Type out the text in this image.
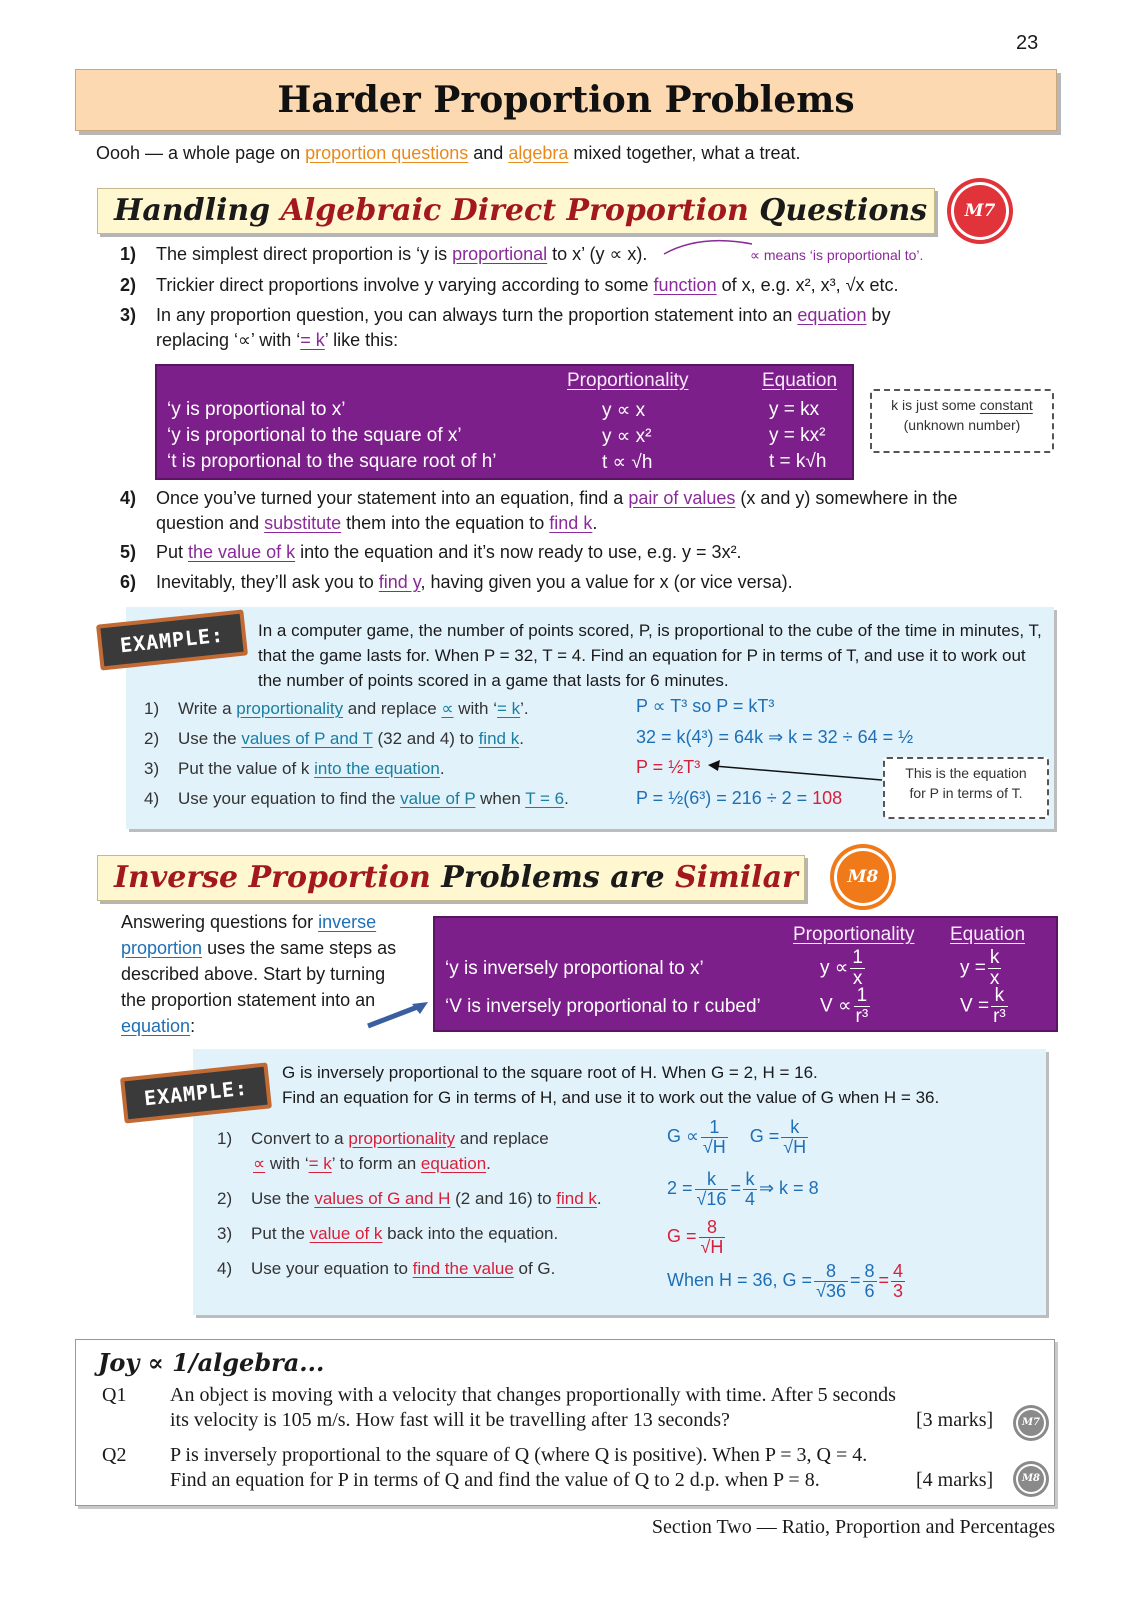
23
Harder Proportion Problems
Oooh — a whole page on proportion questions and algebra mixed together, what a treat.
Handling Algebraic Direct Proportion Questions	M7
1) The simplest direct proportion is ‘y is proportional to x’ (y ∝ x).	∝ means ‘is proportional to’.
2) Trickier direct proportions involve y varying according to some function of x, e.g. x², x³, √x etc.
3) In any proportion question, you can always turn the proportion statement into an equation by
replacing ‘∝’ with ‘= k’ like this:
Proportionality	Equation
‘y is proportional to x’	y ∝ x	y = kx
‘y is proportional to the square of x’	y ∝ x²	y = kx²
‘t is proportional to the square root of h’	t ∝ √h	t = k√h
k is just some constant
(unknown number)
4) Once you’ve turned your statement into an equation, find a pair of values (x and y) somewhere in the
question and substitute them into the equation to find k.
5) Put the value of k into the equation and it’s now ready to use, e.g. y = 3x².
6) Inevitably, they’ll ask you to find y, having given you a value for x (or vice versa).
EXAMPLE:	In a computer game, the number of points scored, P, is proportional to the cube of the time in minutes, T, that the game lasts for. When P = 32, T = 4. Find an equation for P in terms of T, and use it to work out the number of points scored in a game that lasts for 6 minutes.
1) Write a proportionality and replace ∝ with ‘= k’.
2) Use the values of P and T (32 and 4) to find k.
3) Put the value of k into the equation.
4) Use your equation to find the value of P when T = 6.
P ∝ T³ so P = kT³
32 = k(4³) = 64k ⇒ k = 32 ÷ 64 = ½
P = ½T³
P = ½(6³) = 216 ÷ 2 = 108
This is the equation
for P in terms of T.
Inverse Proportion Problems are Similar	M8
Answering questions for inverse proportion uses the same steps as described above. Start by turning the proportion statement into an equation:
Proportionality Equation
‘y is inversely proportional to x’	$y \propto \frac{1}{x}$	$y = \frac{k}{x}$
‘V is inversely proportional to r cubed’	$V \propto \frac{1}{\text{r³}}$	$V = \frac{k}{\text{r³}}$
EXAMPLE:
G is inversely proportional to the square root of H. When G = 2, H = 16.
Find an equation for G in terms of H, and use it to work out the value of G when H = 36.
1) Convert to a proportionality and replace
∝ with ‘= k’ to form an equation.
2) Use the values of G and H (2 and 16) to find k.
3) Put the value of k back into the equation.
4) Use your equation to find the value of G.
$G \propto \frac{1}{√H}$ $G = \frac{k}{√H}$
$2 = \frac{k}{√16} = \frac{k}{4}$ ⇒ k = 8
$G = \frac{8}{√H}$
When H = 36, $G = \frac{8}{√36} = \frac{8}{6} = \frac{4}{3}$
Joy ∝ 1/algebra...
Q1 An object is moving with a velocity that changes proportionally with time. After 5 seconds
its velocity is 105 m/s. How fast will it be travelling after 13 seconds?	[3 marks]	M7
Q2 P is inversely proportional to the square of Q (where Q is positive). When P = 3, Q = 4.
Find an equation for P in terms of Q and find the value of Q to 2 d.p. when P = 8.	[4 marks]	M8
Section Two — Ratio, Proportion and Percentages
